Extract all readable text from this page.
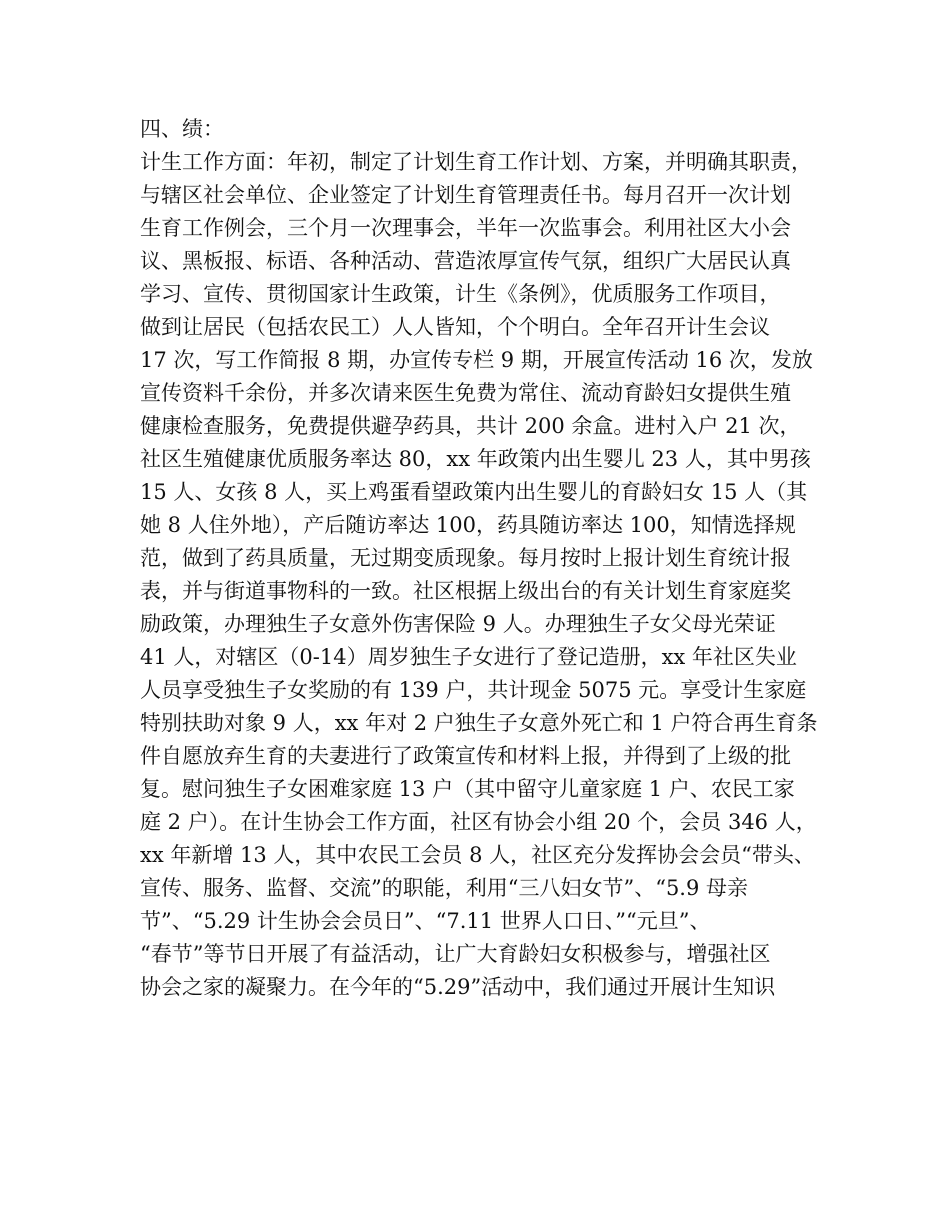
四、绩：
计生工作方面：年初，制定了计划生育工作计划、方案，并明确其职责，
与辖区社会单位、企业签定了计划生育管理责任书。每月召开一次计划
生育工作例会，三个月一次理事会，半年一次监事会。利用社区大小会
议、黑板报、标语、各种活动、营造浓厚宣传气氛，组织广大居民认真
学习、宣传、贯彻国家计生政策，计生《条例》，优质服务工作项目，
做到让居民（包括农民工）人人皆知，个个明白。全年召开计生会议
17 次，写工作简报 8 期，办宣传专栏 9 期，开展宣传活动 16 次，发放
宣传资料千余份，并多次请来医生免费为常住、流动育龄妇女提供生殖
健康检查服务，免费提供避孕药具，共计 200 余盒。进村入户 21 次，
社区生殖健康优质服务率达 80，xx 年政策内出生婴儿 23 人，其中男孩
15 人、女孩 8 人，买上鸡蛋看望政策内出生婴儿的育龄妇女 15 人（其
她 8 人住外地），产后随访率达 100，药具随访率达 100，知情选择规
范，做到了药具质量，无过期变质现象。每月按时上报计划生育统计报
表，并与街道事物科的一致。社区根据上级出台的有关计划生育家庭奖
励政策，办理独生子女意外伤害保险 9 人。办理独生子女父母光荣证
41 人，对辖区（0-14）周岁独生子女进行了登记造册，xx 年社区失业
人员享受独生子女奖励的有 139 户，共计现金 5075 元。享受计生家庭
特别扶助对象 9 人，xx 年对 2 户独生子女意外死亡和 1 户符合再生育条
件自愿放弃生育的夫妻进行了政策宣传和材料上报，并得到了上级的批
复。慰问独生子女困难家庭 13 户（其中留守儿童家庭 1 户、农民工家
庭 2 户）。在计生协会工作方面，社区有协会小组 20 个，会员 346 人，
xx 年新增 13 人，其中农民工会员 8 人，社区充分发挥协会会员“带头、
宣传、服务、监督、交流”的职能，利用“三八妇女节”、“5.9 母亲
节”、“5.29 计生协会会员日”、“7.11 世界人口日、”“元旦”、
“春节”等节日开展了有益活动，让广大育龄妇女积极参与，增强社区
协会之家的凝聚力。在今年的“5.29”活动中，我们通过开展计生知识
